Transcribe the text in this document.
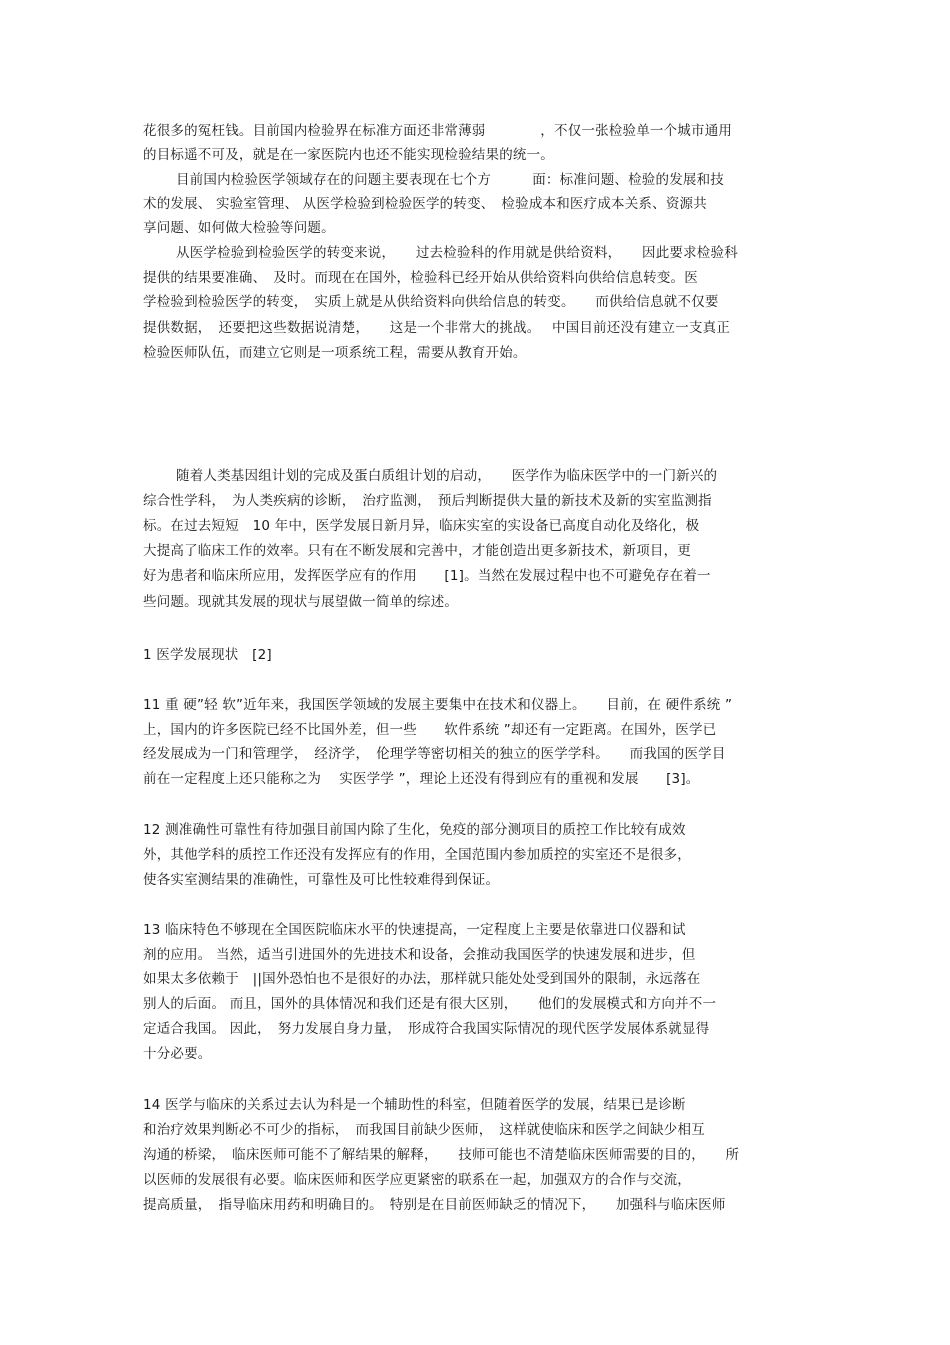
花很多的冤枉钱。目前国内检验界在标准方面还非常薄弱　　　　，不仅一张检验单一个城市通用
的目标遥不可及，就是在一家医院内也还不能实现检验结果的统一。
目前国内检验医学领域存在的问题主要表现在七个方　　　面：标准问题、检验的发展和技
术的发展、 实验室管理、 从医学检验到检验医学的转变、　检验成本和医疗成本关系、资源共
享问题、如何做大检验等问题。
从医学检验到检验医学的转变来说，　　过去检验科的作用就是供给资料，　　因此要求检验科
提供的结果要准确、　及时。而现在在国外，检验科已经开始从供给资料向供给信息转变。医
学检验到检验医学的转变，　实质上就是从供给资料向供给信息的转变。　　而供给信息就不仅要
提供数据，　还要把这些数据说清楚，　　这是一个非常大的挑战。　 中国目前还没有建立一支真正
检验医师队伍，而建立它则是一项系统工程，需要从教育开始。
随着人类基因组计划的完成及蛋白质组计划的启动，　　医学作为临床医学中的一门新兴的
综合性学科，　为人类疾病的诊断，　治疗监测，　预后判断提供大量的新技术及新的实室监测指
标。在过去短短　10 年中，医学发展日新月异，临床实室的实设备已高度自动化及络化，极
大提高了临床工作的效率。只有在不断发展和完善中，才能创造出更多新技术，新项目，更
好为患者和临床所应用，发挥医学应有的作用　　[1]。当然在发展过程中也不可避免存在着一
些问题。现就其发展的现状与展望做一简单的综述。
1 医学发展现状　[2]
11 重 硬”轻 软”近年来，我国医学领域的发展主要集中在技术和仪器上。　　目前，在 硬件系统 ”
上，国内的许多医院已经不比国外差，但一些　　软件系统 ”却还有一定距离。在国外，医学已
经发展成为一门和管理学，　经济学，　伦理学等密切相关的独立的医学学科。　　而我国的医学目
前在一定程度上还只能称之为　 实医学学 ”，理论上还没有得到应有的重视和发展　　[3]。
12 测准确性可靠性有待加强目前国内除了生化，免疫的部分测项目的质控工作比较有成效
外，其他学科的质控工作还没有发挥应有的作用，全国范围内参加质控的实室还不是很多，
使各实室测结果的准确性，可靠性及可比性较难得到保证。
13 临床特色不够现在全国医院临床水平的快速提高，一定程度上主要是依靠进口仪器和试
剂的应用。 当然，适当引进国外的先进技术和设备，会推动我国医学的快速发展和进步，但
如果太多依赖于　||国外恐怕也不是很好的办法，那样就只能处处受到国外的限制，永远落在
别人的后面。 而且，国外的具体情况和我们还是有很大区别，　　他们的发展模式和方向并不一
定适合我国。 因此，　努力发展自身力量，　形成符合我国实际情况的现代医学发展体系就显得
十分必要。
14 医学与临床的关系过去认为科是一个辅助性的科室，但随着医学的发展，结果已是诊断
和治疗效果判断必不可少的指标，　而我国目前缺少医师，　这样就使临床和医学之间缺少相互
沟通的桥梁，　临床医师可能不了解结果的解释，　　技师可能也不清楚临床医师需要的目的，　　所
以医师的发展很有必要。临床医师和医学应更紧密的联系在一起，加强双方的合作与交流，
提高质量，　指导临床用药和明确目的。　特别是在目前医师缺乏的情况下，　　加强科与临床医师
